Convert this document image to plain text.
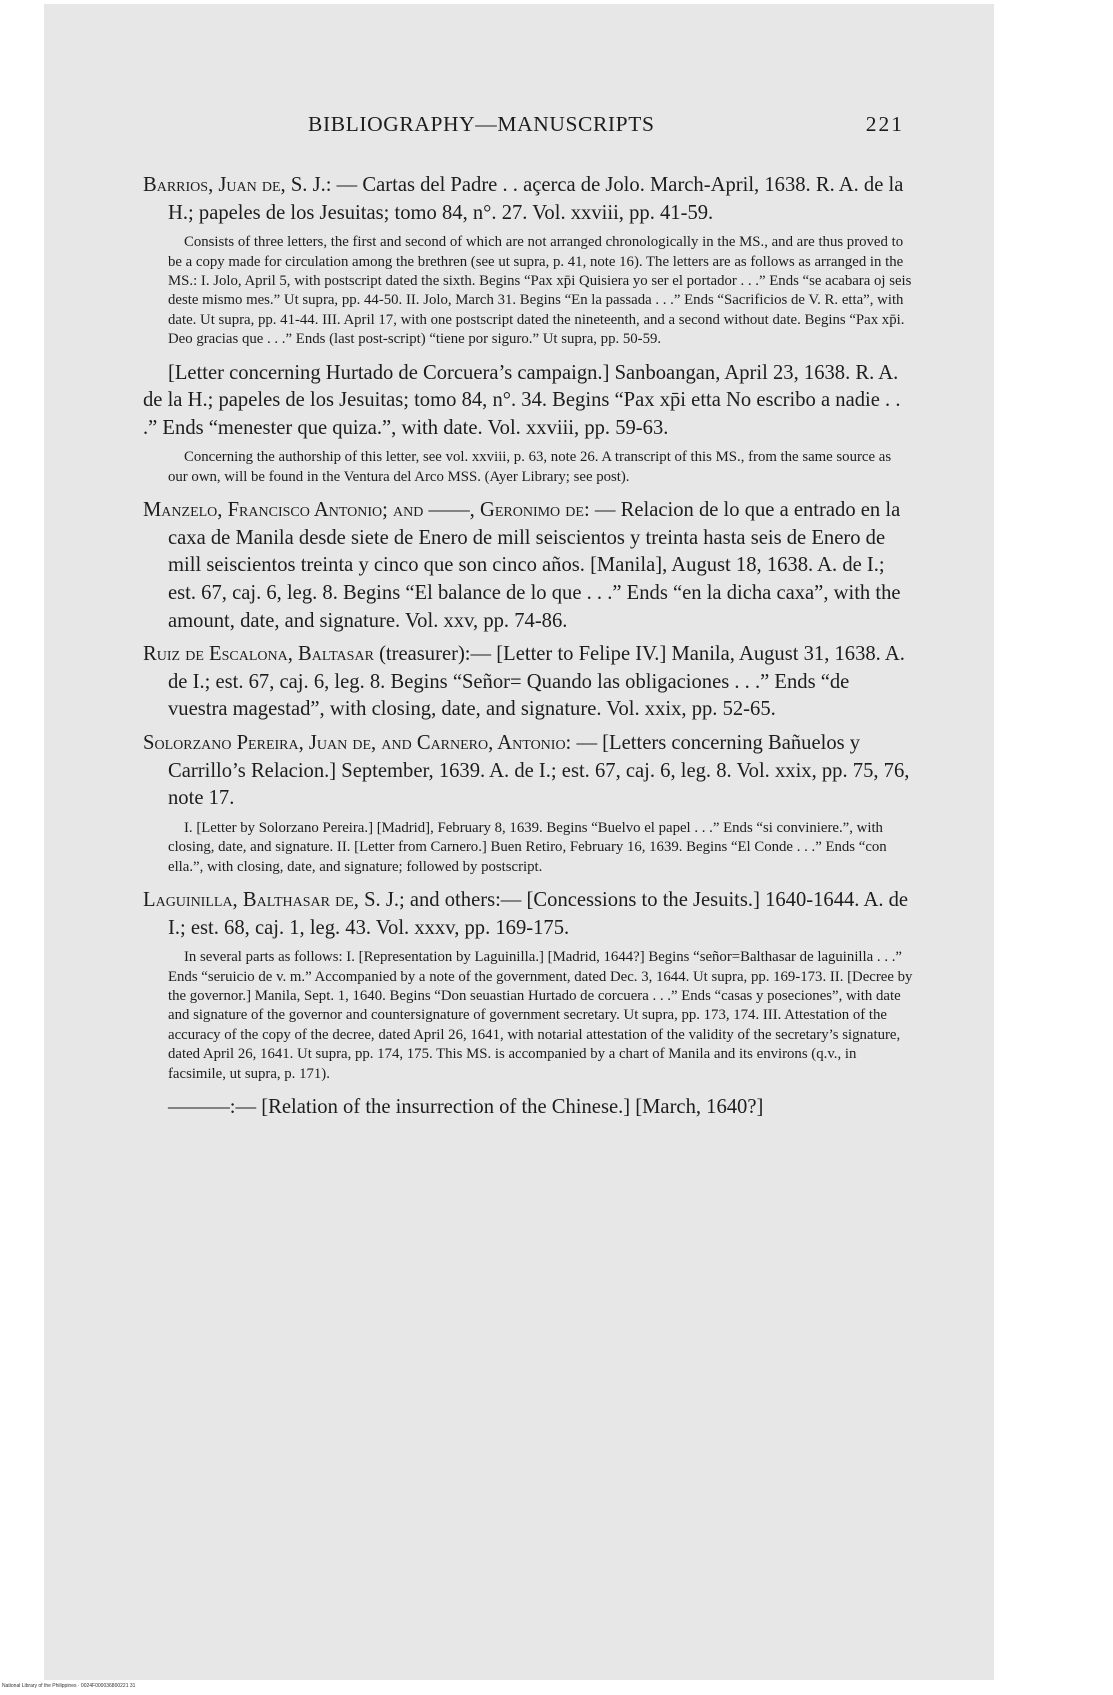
BIBLIOGRAPHY—MANUSCRIPTS	221

Barrios, Juan de, S. J.: — Cartas del Padre . . açerca de Jolo. March-April, 1638. R. A. de la H.; papeles de los Jesuitas; tomo 84, n°. 27. Vol. xxviii, pp. 41-59.

Consists of three letters, the first and second of which are not arranged chronologically in the MS., and are thus proved to be a copy made for circulation among the brethren (see ut supra, p. 41, note 16). The letters are as follows as arranged in the MS.: I. Jolo, April 5, with postscript dated the sixth. Begins “Pax xp̄i Quisiera yo ser el portador . . .” Ends “se acabara oj seis deste mismo mes.” Ut supra, pp. 44-50. II. Jolo, March 31. Begins “En la passada . . .” Ends “Sacrificios de V. R. etta”, with date. Ut supra, pp. 41-44. III. April 17, with one postscript dated the nineteenth, and a second without date. Begins “Pax xp̄i. Deo gracias que . . .” Ends (last post-script) “tiene por siguro.” Ut supra, pp. 50-59.

[Letter concerning Hurtado de Corcuera’s campaign.] Sanboangan, April 23, 1638. R. A. de la H.; papeles de los Jesuitas; tomo 84, n°. 34. Begins “Pax xp̄i etta No escribo a nadie . . .” Ends “menester que quiza.”, with date. Vol. xxviii, pp. 59-63.

Concerning the authorship of this letter, see vol. xxviii, p. 63, note 26. A transcript of this MS., from the same source as our own, will be found in the Ventura del Arco MSS. (Ayer Library; see post).

Manzelo, Francisco Antonio; and ——, Geronimo de: — Relacion de lo que a entrado en la caxa de Manila desde siete de Enero de mill seiscientos y treinta hasta seis de Enero de mill seiscientos treinta y cinco que son cinco años. [Manila], August 18, 1638. A. de I.; est. 67, caj. 6, leg. 8. Begins “El balance de lo que . . .” Ends “en la dicha caxa”, with the amount, date, and signature. Vol. xxv, pp. 74-86.

Ruiz de Escalona, Baltasar (treasurer):— [Letter to Felipe IV.] Manila, August 31, 1638. A. de I.; est. 67, caj. 6, leg. 8. Begins “Señor= Quando las obligaciones . . .” Ends “de vuestra magestad”, with closing, date, and signature. Vol. xxix, pp. 52-65.

Solorzano Pereira, Juan de, and Carnero, Antonio: — [Letters concerning Bañuelos y Carrillo’s Relacion.] September, 1639. A. de I.; est. 67, caj. 6, leg. 8. Vol. xxix, pp. 75, 76, note 17.

I. [Letter by Solorzano Pereira.] [Madrid], February 8, 1639. Begins “Buelvo el papel . . .” Ends “si conviniere.”, with closing, date, and signature. II. [Letter from Carnero.] Buen Retiro, February 16, 1639. Begins “El Conde . . .” Ends “con ella.”, with closing, date, and signature; followed by postscript.

Laguinilla, Balthasar de, S. J.; and others:— [Concessions to the Jesuits.] 1640-1644. A. de I.; est. 68, caj. 1, leg. 43. Vol. xxxv, pp. 169-175.

In several parts as follows: I. [Representation by Laguinilla.] [Madrid, 1644?] Begins “señor=Balthasar de laguinilla . . .” Ends “seruicio de v. m.” Accompanied by a note of the government, dated Dec. 3, 1644. Ut supra, pp. 169-173. II. [Decree by the governor.] Manila, Sept. 1, 1640. Begins “Don seuastian Hurtado de corcuera . . .” Ends “casas y poseciones”, with date and signature of the governor and countersignature of government secretary. Ut supra, pp. 173, 174. III. Attestation of the accuracy of the copy of the decree, dated April 26, 1641, with notarial attestation of the validity of the secretary’s signature, dated April 26, 1641. Ut supra, pp. 174, 175. This MS. is accompanied by a chart of Manila and its environs (q.v., in facsimile, ut supra, p. 171).

———:— [Relation of the insurrection of the Chinese.] [March, 1640?]

National Library of the Philippines · 0024F000036800221 31
